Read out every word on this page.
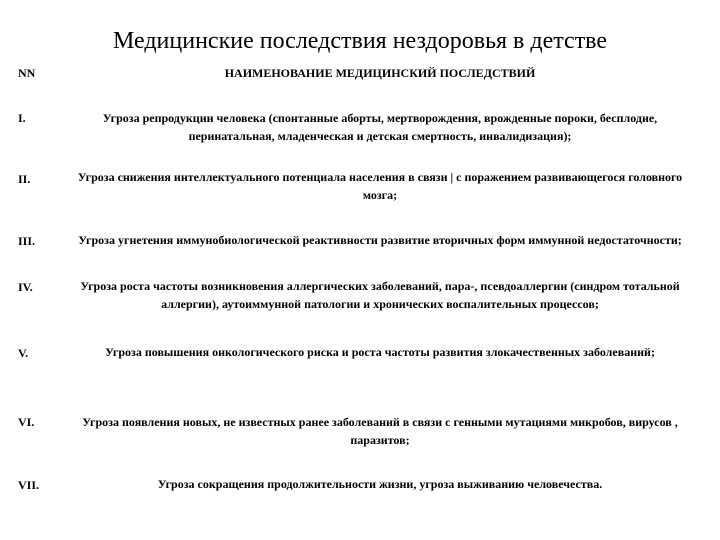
Медицинские последствия нездоровья в детстве
NN	НАИМЕНОВАНИЕ МЕДИЦИНСКИЙ ПОСЛЕДСТВИЙ
I.	Угроза репродукции человека (спонтанные аборты, мертворождения, врожденные пороки, бесплодие, перинатальная, младенческая и детская смертность, инвалидизация);
II.	Угроза снижения интеллектуального потенциала населения в связи | с поражением развивающегося головного мозга;
III.	Угроза угнетения иммунобиологической реактивности развитие вторичных форм иммунной недостаточности;
IV.	Угроза роста частоты возникновения аллергических заболеваний, пара-, псевдоаллергии (синдром тотальной аллергии), аутоиммунной патологии и хронических воспалительных процессов;
V.	Угроза повышения онкологического риска и роста частоты развития злокачественных заболеваний;
VI.	Угроза появления новых, не известных ранее заболеваний в связи с генными мутациями микробов, вирусов , паразитов;
VII.	Угроза сокращения продолжительности жизни, угроза выживанию человечества.
